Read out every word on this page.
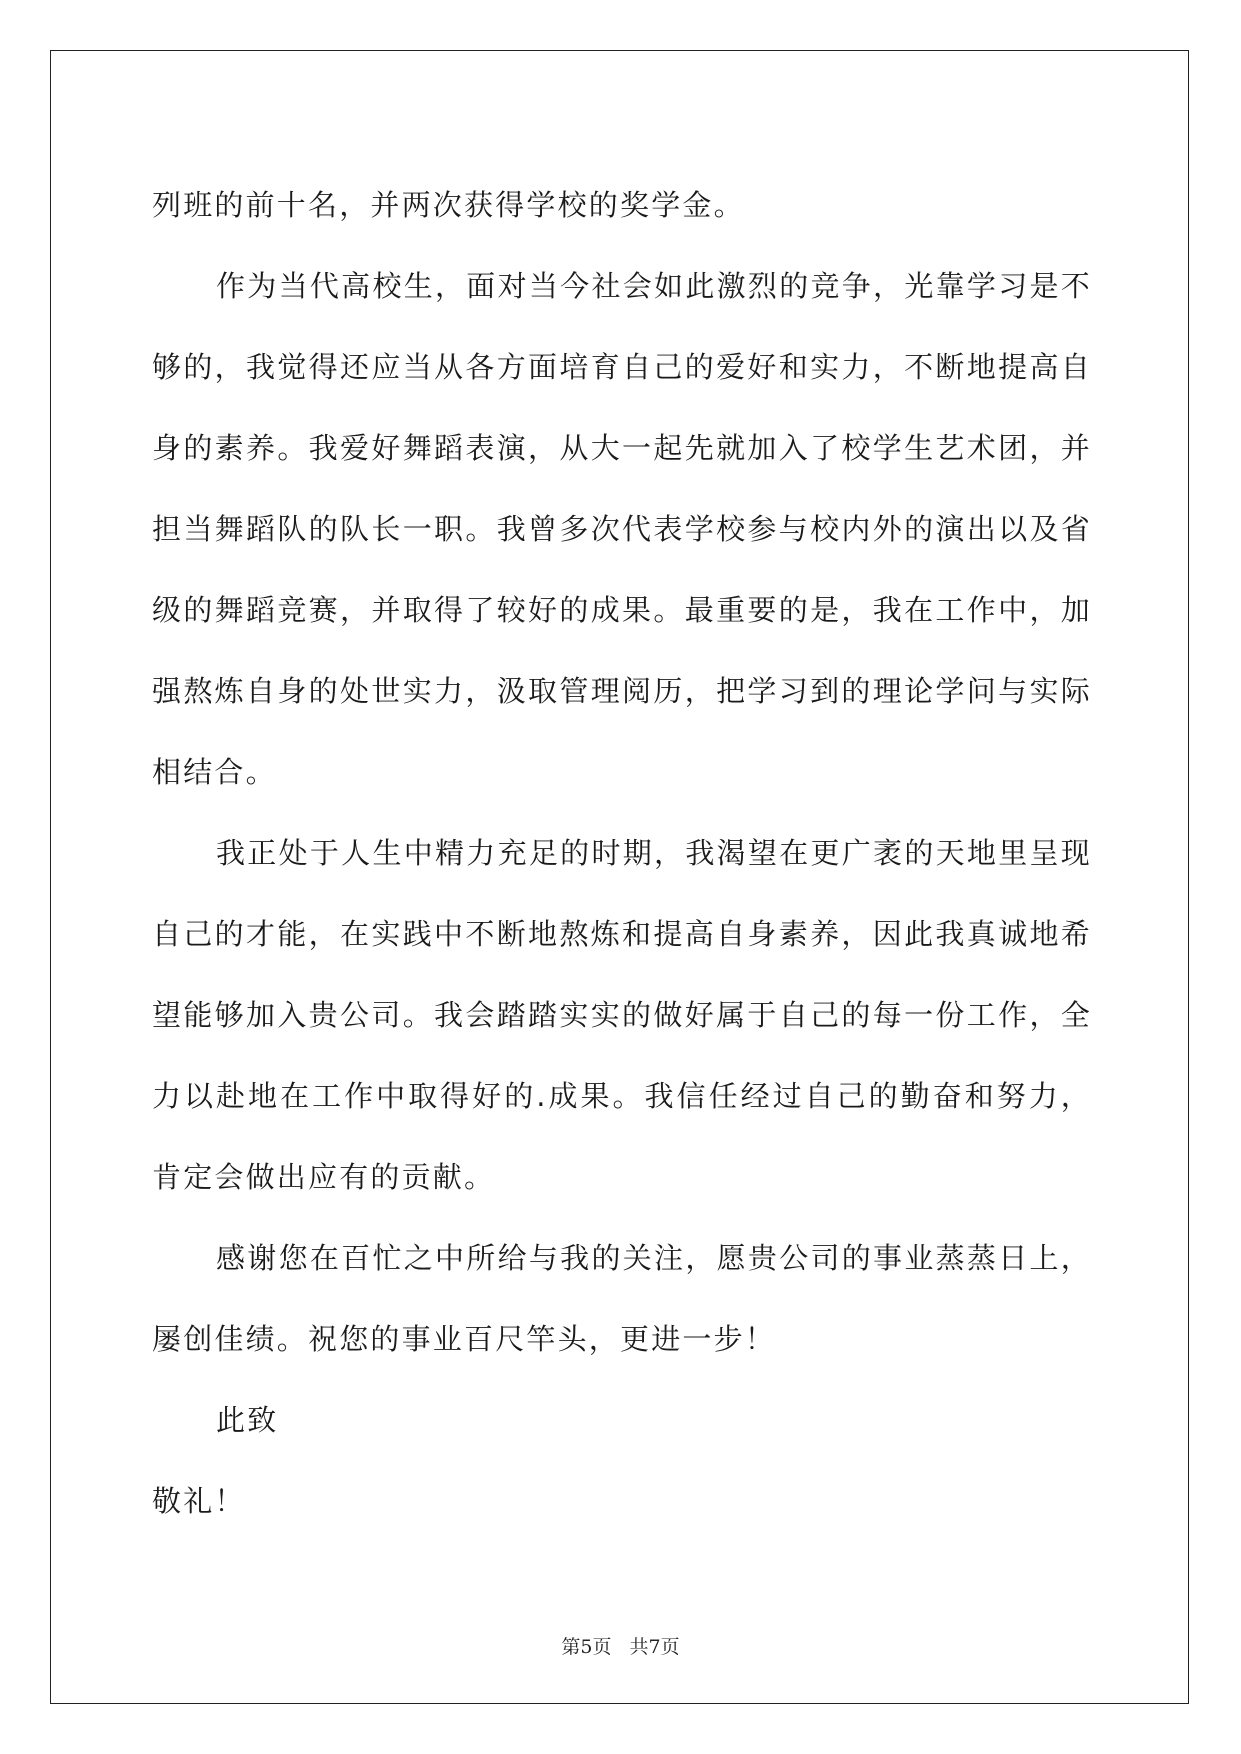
列班的前十名，并两次获得学校的奖学金。

作为当代高校生，面对当今社会如此激烈的竞争，光靠学习是不够的，我觉得还应当从各方面培育自己的爱好和实力，不断地提高自身的素养。我爱好舞蹈表演，从大一起先就加入了校学生艺术团，并担当舞蹈队的队长一职。我曾多次代表学校参与校内外的演出以及省级的舞蹈竞赛，并取得了较好的成果。最重要的是，我在工作中，加强熬炼自身的处世实力，汲取管理阅历，把学习到的理论学问与实际相结合。

我正处于人生中精力充足的时期，我渴望在更广袤的天地里呈现自己的才能，在实践中不断地熬炼和提高自身素养，因此我真诚地希望能够加入贵公司。我会踏踏实实的做好属于自己的每一份工作，全力以赴地在工作中取得好的.成果。我信任经过自己的勤奋和努力，肯定会做出应有的贡献。

感谢您在百忙之中所给与我的关注，愿贵公司的事业蒸蒸日上，屡创佳绩。祝您的事业百尺竿头，更进一步！

此致

敬礼！

第5页 共7页
